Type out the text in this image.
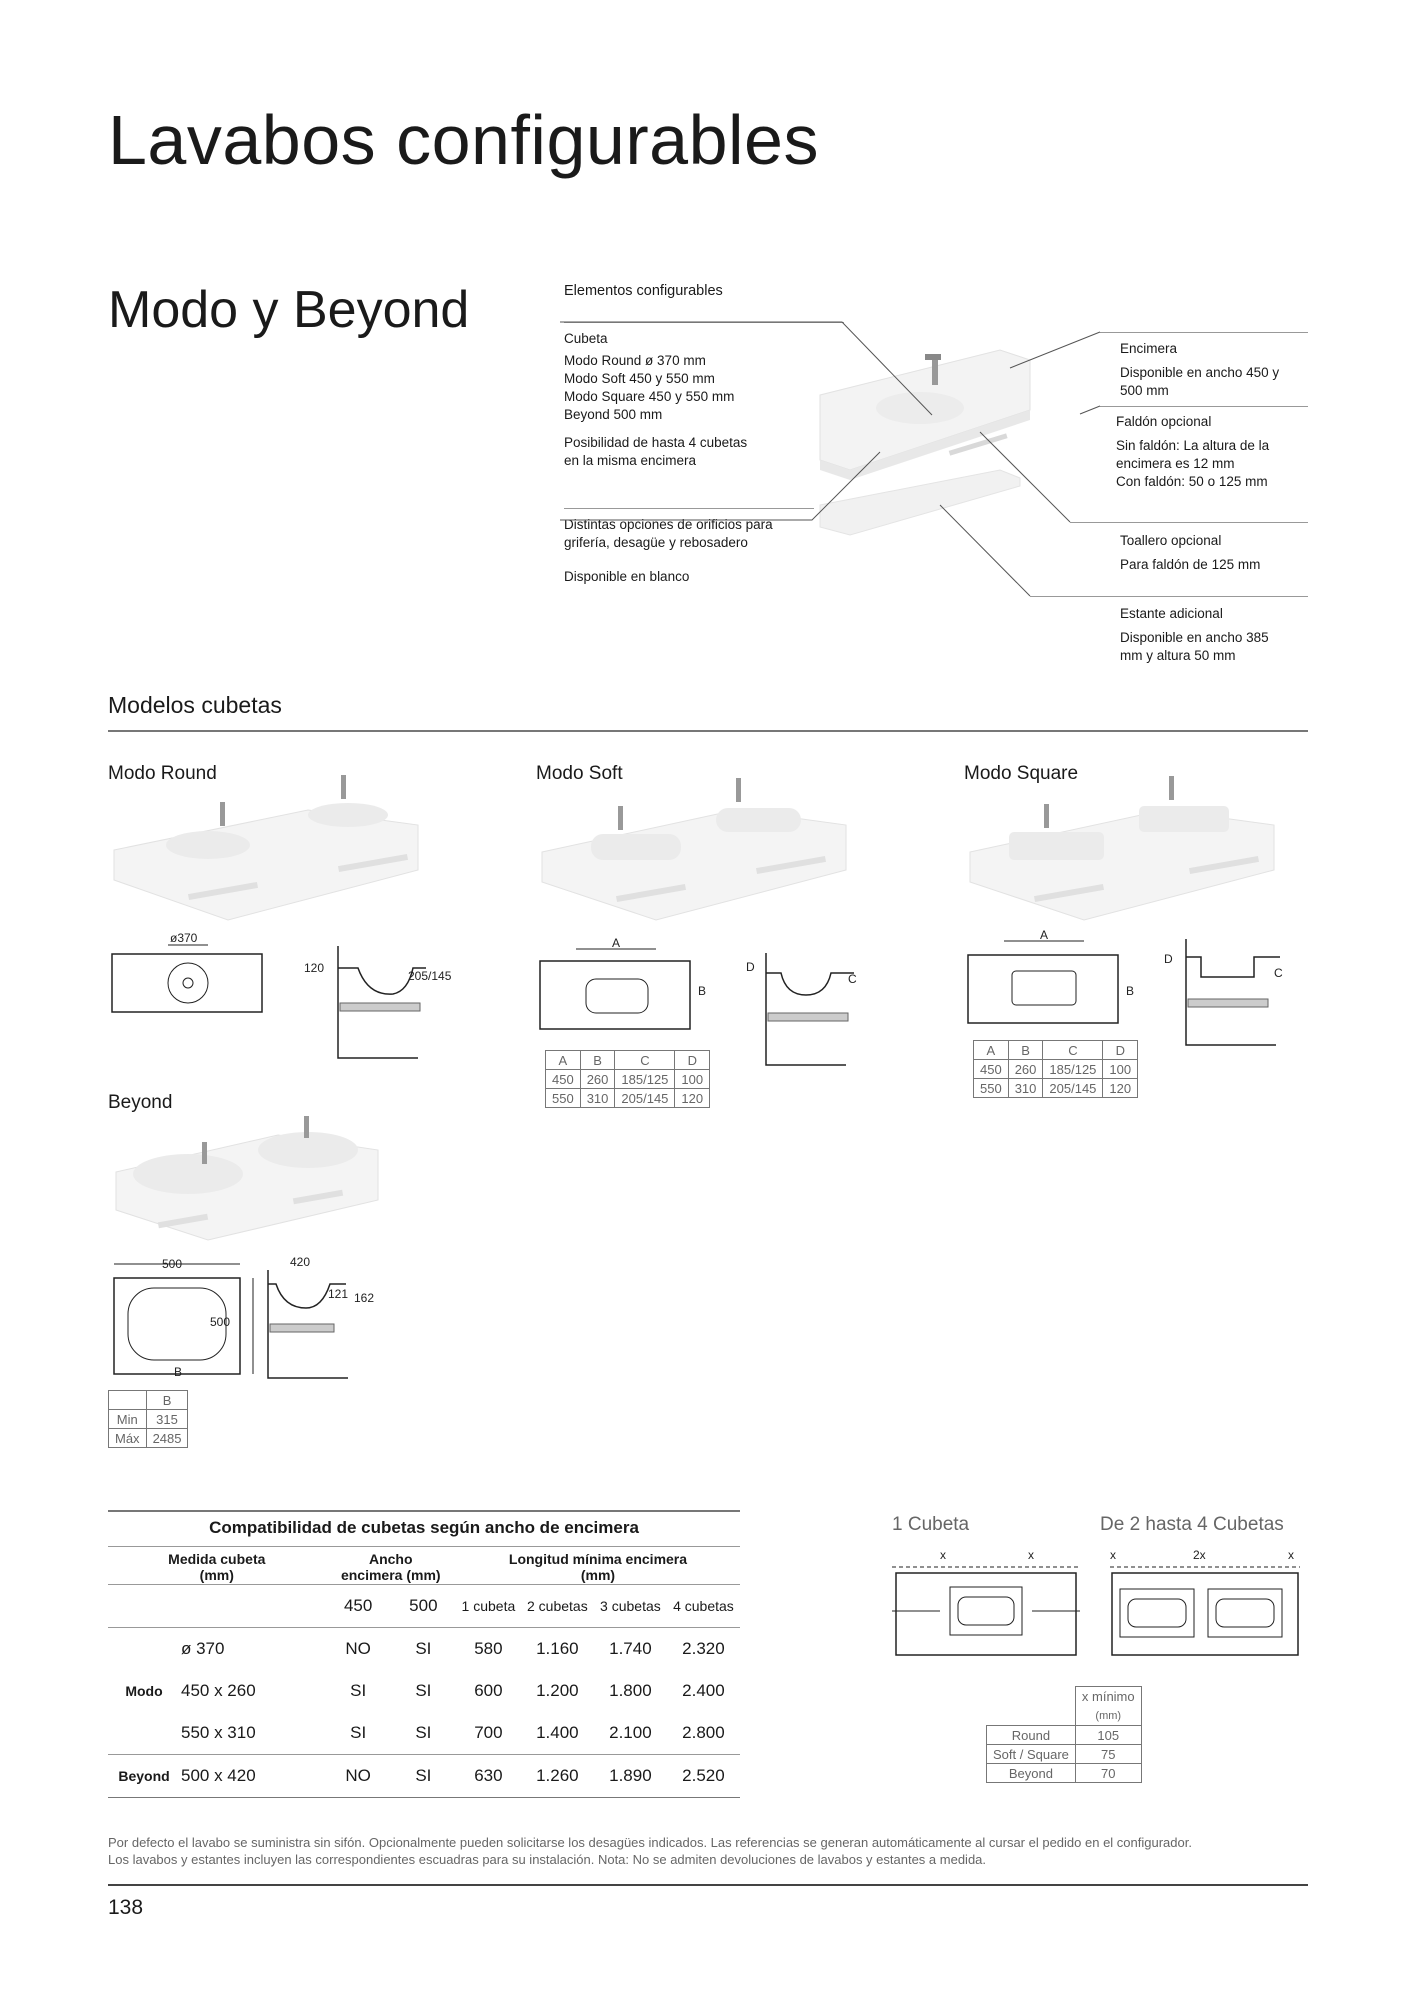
Lavabos configurables
Modo y Beyond	Elementos configurables
Cubeta
Modo Round ø 370 mm
Modo Soft 450 y 550 mm
Modo Square 450 y 550 mm
Beyond 500 mm
Posibilidad de hasta 4 cubetas
en la misma encimera
Distintas opciones de orificios para
grifería, desagüe y rebosadero
Disponible en blanco
Encimera
Disponible en ancho 450 y
500 mm
Faldón opcional
Sin faldón: La altura de la
encimera es 12 mm
Con faldón: 50 o 125 mm
Toallero opcional
Para faldón de 125 mm
Estante adicional
Disponible en ancho 385
mm y altura 50 mm
Modelos cubetas
Modo Round
ø370
120
205/145
Modo Soft
A
B
D
C
A	B	C	D
450	260	185/125	100
550	310	205/145	120
Modo Square
A
B
D
C
A	B	C	D
450	260	185/125	100
550	310	205/145	120
Beyond
500
500
B
420
121 162
	B
Min	315
Máx	2485
Compatibilidad de cubetas según ancho de encimera
Medida cubeta
(mm)		Ancho
encimera (mm)		Longitud mínima encimera
(mm)			
		450	500	1 cubeta	2 cubetas	3 cubetas	4 cubetas
	ø 370	NO	SI	580	1.160	1.740	2.320
Modo	450 x 260	SI	SI	600	1.200	1.800	2.400
	550 x 310	SI	SI	700	1.400	2.100	2.800
Beyond	500 x 420	NO	SI	630	1.260	1.890	2.520
1 Cubeta	De 2 hasta 4 Cubetas
x	x	x	2x	x
	x mínimo
(mm)
Round	105
Soft / Square	75
Beyond	70
Por defecto el lavabo se suministra sin sifón. Opcionalmente pueden solicitarse los desagües indicados. Las referencias se generan automáticamente al cursar el pedido en el configurador.
Los lavabos y estantes incluyen las correspondientes escuadras para su instalación. Nota: No se admiten devoluciones de lavabos y estantes a medida.
138
